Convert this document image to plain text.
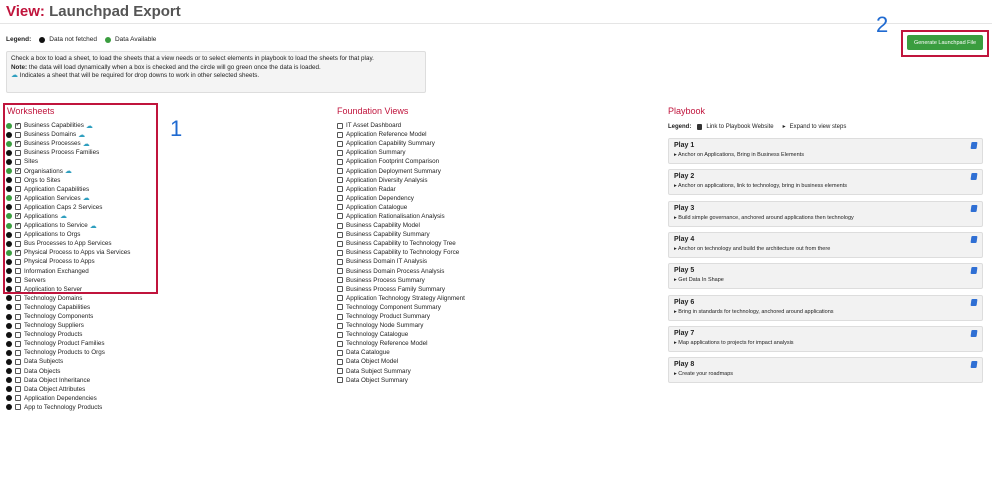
View: Launchpad Export
Legend:	Data not fetched	Data Available
Check a box to load a sheet, to load the sheets that a view needs or to select elements in playbook to load the sheets for that play.
Note: the data will load dynamically when a box is checked and the circle will go green once the data is loaded.
☁ Indicates a sheet that will be required for drop downs to work in other selected sheets.
2
Generate Launchpad File
1
Worksheets
✓
Business Capabilities ☁
Business Domains ☁
✓
Business Processes ☁
Business Process Families
Sites
✓
Organisations ☁
Orgs to Sites
Application Capabilities
✓
Application Services ☁
Application Caps 2 Services
✓
Applications ☁
✓
Applications to Service ☁
Applications to Orgs
Bus Processes to App Services
✓
Physical Process to Apps via Services
Physical Process to Apps
Information Exchanged
Servers
Application to Server
Technology Domains
Technology Capabilities
Technology Components
Technology Suppliers
Technology Products
Technology Product Families
Technology Products to Orgs
Data Subjects
Data Objects
Data Object Inheritance
Data Object Attributes
Application Dependencies
App to Technology Products
Foundation Views
IT Asset Dashboard
Application Reference Model
Application Capability Summary
Application Summary
Application Footprint Comparison
Application Deployment Summary
Application Diversity Analysis
Application Radar
Application Dependency
Application Catalogue
Application Rationalisation Analysis
Business Capability Model
Business Capability Summary
Business Capability to Technology Tree
Business Capability to Technology Force
Business Domain IT Analysis
Business Domain Process Analysis
Business Process Summary
Business Process Family Summary
Application Technology Strategy Alignment
Technology Component Summary
Technology Product Summary
Technology Node Summary
Technology Catalogue
Technology Reference Model
Data Catalogue
Data Object Model
Data Subject Summary
Data Object Summary
Playbook
Legend:	Link to Playbook Website ▸ Expand to view steps
Play 1
▸ Anchor on Applications, Bring in Business Elements
Play 2
▸ Anchor on applications, link to technology, bring in business elements
Play 3
▸ Build simple governance, anchored around applications then technology
Play 4
▸ Anchor on technology and build the architecture out from there
Play 5
▸ Get Data In Shape
Play 6
▸ Bring in standards for technology, anchored around applications
Play 7
▸ Map applications to projects for impact analysis
Play 8
▸ Create your roadmaps
